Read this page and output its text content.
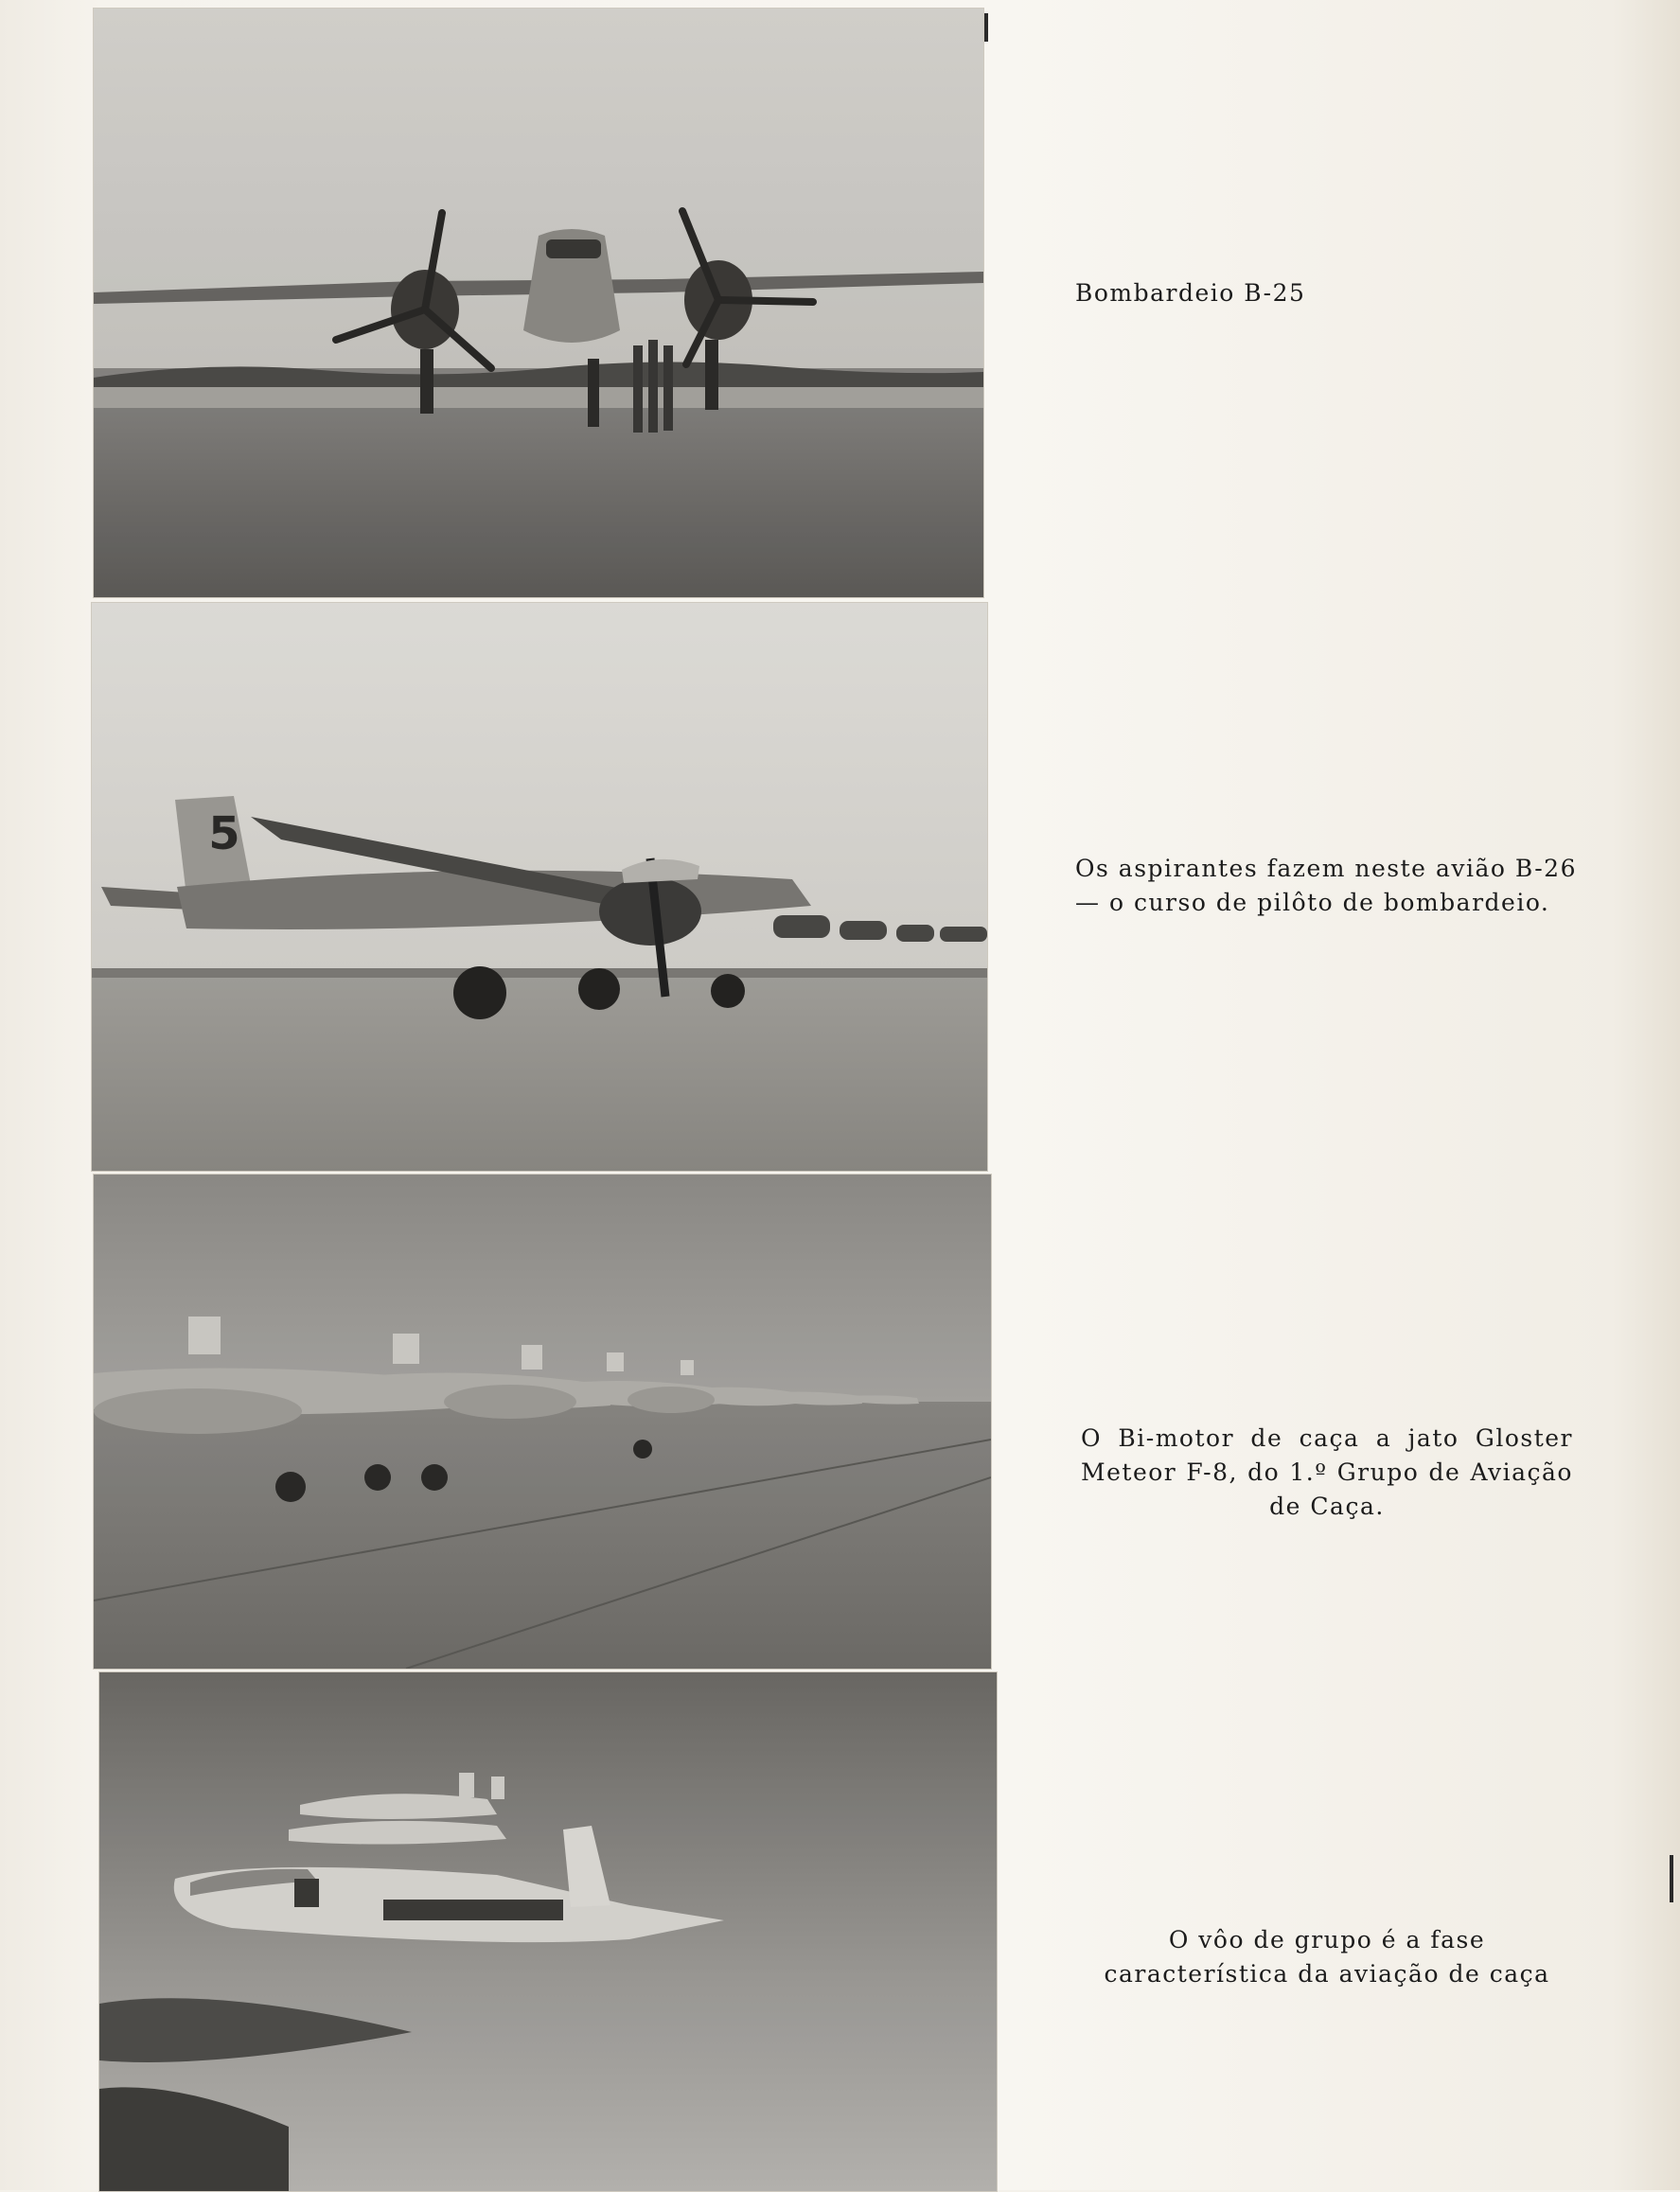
5
Bombardeio B-25
Os aspirantes fazem neste avião B-26 — o curso de pilôto de bombardeio.
O Bi-motor de caça a jato Gloster Meteor F-8, do 1.º Grupo de Aviação de Caça.
O vôo de grupo é a fase característica da aviação de caça
